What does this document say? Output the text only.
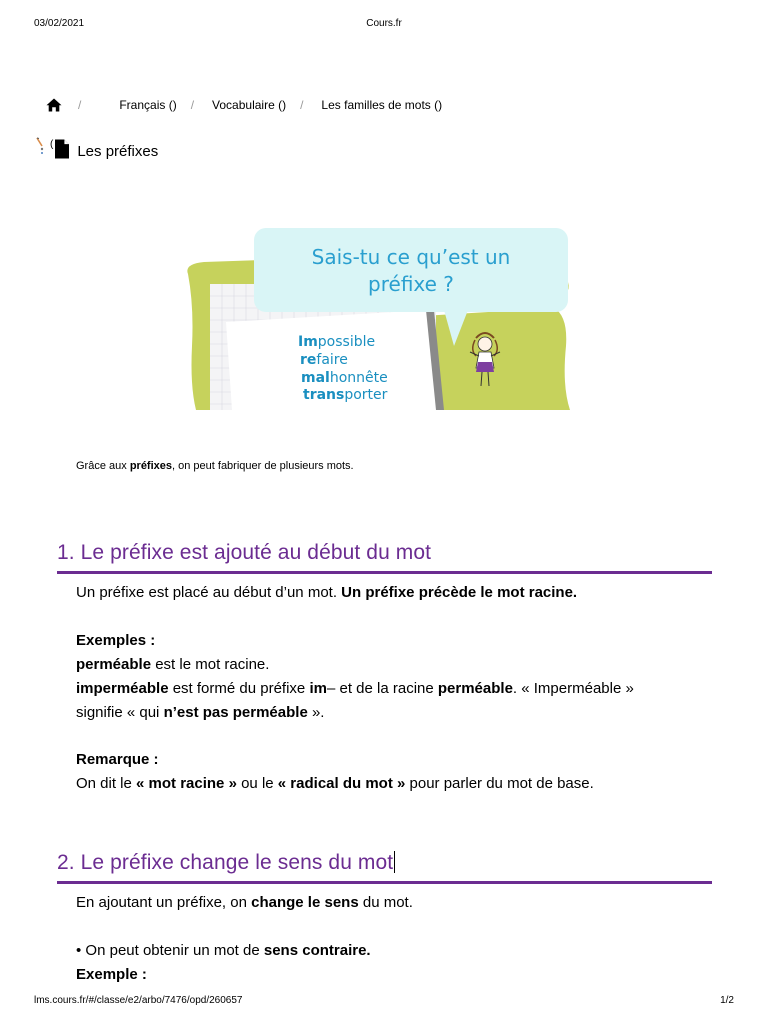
03/02/2021	Cours.fr
/	Français () / Vocabulaire () / Les familles de mots ()
( Les préfixes
Sais-tu ce qu’est un
préfixe ?
Impossible
refaire
malhonnête
transporter
Grâce aux préfixes, on peut fabriquer de plusieurs mots.
1. Le préfixe est ajouté au début du mot
Un préfixe est placé au début d’un mot. Un préfixe précède le mot racine.
Exemples :
perméable est le mot racine.
imperméable est formé du préfixe im– et de la racine perméable. « Imperméable »
signifie « qui n’est pas perméable ».
Remarque :
On dit le « mot racine » ou le « radical du mot » pour parler du mot de base.
2. Le préfixe change le sens du mot
En ajoutant un préfixe, on change le sens du mot.
• On peut obtenir un mot de sens contraire.
Exemple :
lms.cours.fr/#/classe/e2/arbo/7476/opd/260657	1/2
